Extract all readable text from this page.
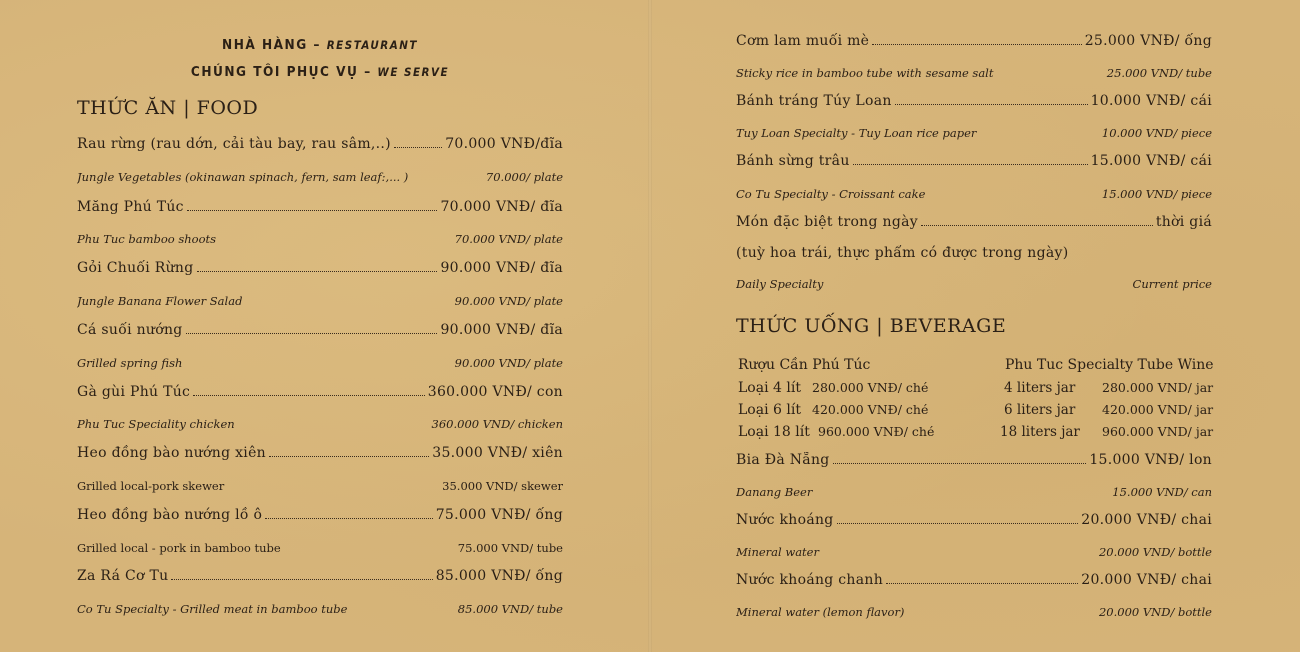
NHÀ HÀNG – RESTAURANT
CHÚNG TÔI PHỤC VỤ – WE SERVE
THỨC ĂN | FOOD
Rau rừng (rau dớn, cải tàu bay, rau sâm,..)	70.000 VNĐ/đĩa
Jungle Vegetables (okinawan spinach, fern, sam leaf:,... )	70.000/ plate
Măng Phú Túc	70.000 VNĐ/ đĩa
Phu Tuc bamboo shoots	70.000 VND/ plate
Gỏi Chuối Rừng	90.000 VNĐ/ đĩa
Jungle Banana Flower Salad	90.000 VND/ plate
Cá suối nướng	90.000 VNĐ/ đĩa
Grilled spring fish	90.000 VND/ plate
Gà gùi Phú Túc	360.000 VNĐ/ con
Phu Tuc Speciality chicken	360.000 VND/ chicken
Heo đồng bào nướng xiên	35.000 VNĐ/ xiên
Grilled local-pork skewer	35.000 VND/ skewer
Heo đồng bào nướng lồ ô	75.000 VNĐ/ ống
Grilled local - pork in bamboo tube	75.000 VND/ tube
Za Rá Cơ Tu	85.000 VNĐ/ ống
Co Tu Specialty - Grilled meat in bamboo tube	85.000 VND/ tube
Cơm lam muối mè	25.000 VNĐ/ ống
Sticky rice in bamboo tube with sesame salt	25.000 VND/ tube
Bánh tráng Túy Loan	10.000 VNĐ/ cái
Tuy Loan Specialty - Tuy Loan rice paper	10.000 VND/ piece
Bánh sừng trâu	15.000 VNĐ/ cái
Co Tu Specialty - Croissant cake	15.000 VND/ piece
Món đặc biệt trong ngày	thời giá
(tuỳ hoa trái, thực phẩm có được trong ngày)
Daily Specialty	Current price
THỨC UỐNG | BEVERAGE
Rượu Cần Phú Túc	Phu Tuc Specialty Tube Wine
Loại 4 lít 280.000 VNĐ/ ché	4 liters jar 280.000 VND/ jar
Loại 6 lít 420.000 VNĐ/ ché	6 liters jar 420.000 VND/ jar
Loại 18 lít 960.000 VNĐ/ ché	18 liters jar 960.000 VND/ jar
Bia Đà Nẵng	15.000 VNĐ/ lon
Danang Beer	15.000 VND/ can
Nước khoáng	20.000 VNĐ/ chai
Mineral water	20.000 VND/ bottle
Nước khoáng chanh	20.000 VNĐ/ chai
Mineral water (lemon flavor)	20.000 VND/ bottle
